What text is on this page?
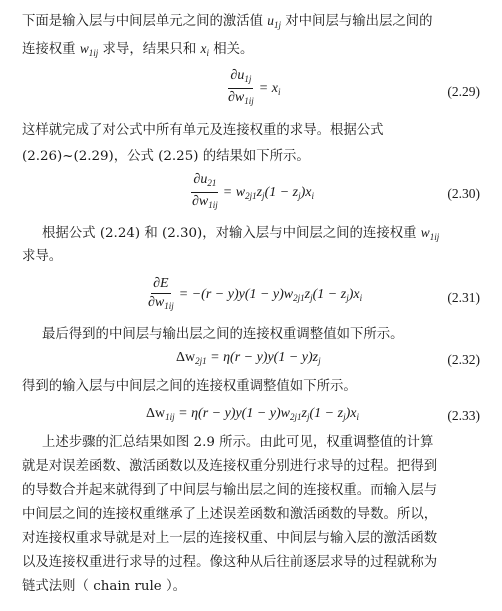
下面是输入层与中间层单元之间的激活值 $u_{1j}$ 对中间层与输出层之间的
连接权重 $w_{1ij}$ 求导，结果只和 $x_i$ 相关。
$\frac{\partial u_{1j}}{\partial w_{1ij}} = x_i$	(2.29)
这样就完成了对公式中所有单元及连接权重的求导。根据公式
(2.26)~(2.29)，公式 (2.25) 的结果如下所示。
$\frac{\partial u_{21}}{\partial w_{1ij}} = w_{2j1}z_j(1 - z_j)x_i$	(2.30)
根据公式 (2.24) 和 (2.30)，对输入层与中间层之间的连接权重 $w_{1ij}$
求导。
$\frac{\partial E}{\partial w_{1ij}} = -(r - y)y(1 - y)w_{2j1}z_j(1 - z_j)x_i$	(2.31)
最后得到的中间层与输出层之间的连接权重调整值如下所示。
$\Delta w_{2j1} = \eta(r - y)y(1 - y)z_j$	(2.32)
得到的输入层与中间层之间的连接权重调整值如下所示。
$\Delta w_{1ij} = \eta(r - y)y(1 - y)w_{2j1}z_j(1 - z_j)x_i$	(2.33)
上述步骤的汇总结果如图 2.9 所示。由此可见，权重调整值的计算
就是对误差函数、激活函数以及连接权重分别进行求导的过程。把得到
的导数合并起来就得到了中间层与输出层之间的连接权重。而输入层与
中间层之间的连接权重继承了上述误差函数和激活函数的导数。所以，
对连接权重求导就是对上一层的连接权重、中间层与输入层的激活函数
以及连接权重进行求导的过程。像这种从后往前逐层求导的过程就称为
链式法则（ chain rule ）。
